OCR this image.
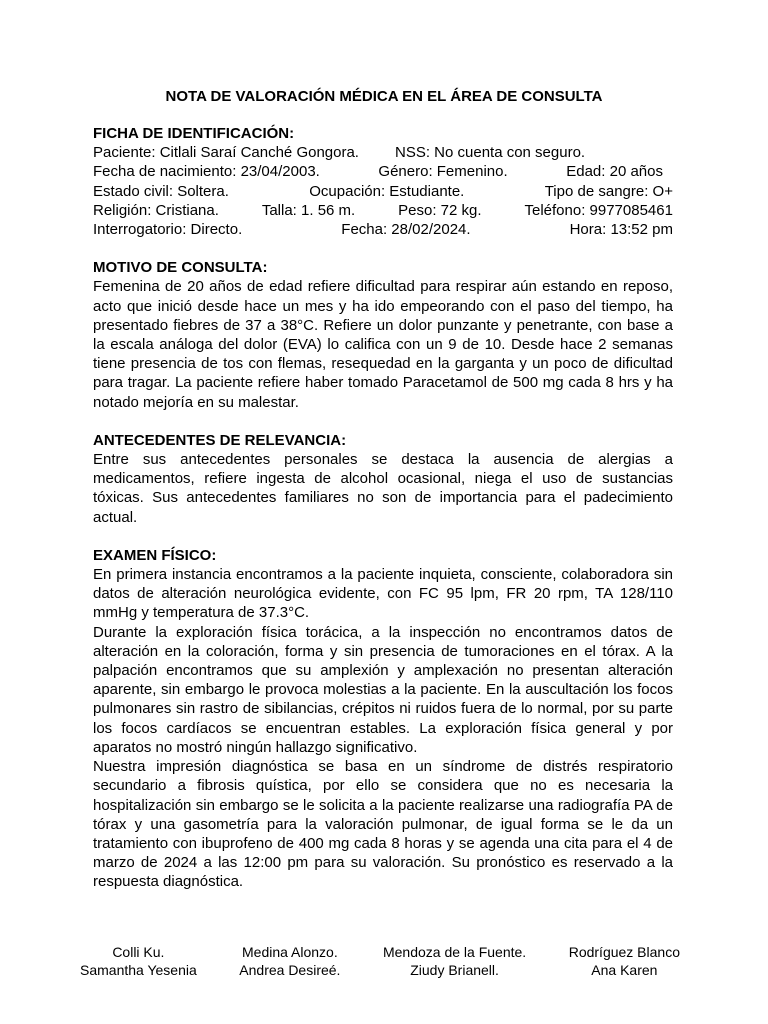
NOTA DE VALORACIÓN MÉDICA EN EL ÁREA DE CONSULTA
FICHA DE IDENTIFICACIÓN:
Paciente: Citlali Saraí Canché Gongora. NSS: No cuenta con seguro.
Fecha de nacimiento: 23/04/2003.	Género: Femenino.	Edad: 20 años
Estado civil: Soltera.	Ocupación: Estudiante.	Tipo de sangre: O+
Religión: Cristiana.	Talla: 1. 56 m.	Peso: 72 kg.	Teléfono: 9977085461
Interrogatorio: Directo.	Fecha: 28/02/2024.	Hora: 13:52 pm
MOTIVO DE CONSULTA:

Femenina de 20 años de edad refiere dificultad para respirar aún estando en reposo, acto que inició desde hace un mes y ha ido empeorando con el paso del tiempo, ha presentado fiebres de 37 a 38°C. Refiere un dolor punzante y penetrante, con base a la escala análoga del dolor (EVA) lo califica con un 9 de 10. Desde hace 2 semanas tiene presencia de tos con flemas, resequedad en la garganta y un poco de dificultad para tragar. La paciente refiere haber tomado Paracetamol de 500 mg cada 8 hrs y ha notado mejoría en su malestar.

ANTECEDENTES DE RELEVANCIA:

Entre sus antecedentes personales se destaca la ausencia de alergias a medicamentos, refiere ingesta de alcohol ocasional, niega el uso de sustancias tóxicas. Sus antecedentes familiares no son de importancia para el padecimiento actual.

EXAMEN FÍSICO:

En primera instancia encontramos a la paciente inquieta, consciente, colaboradora sin datos de alteración neurológica evidente, con FC 95 lpm, FR 20 rpm, TA 128/110 mmHg y temperatura de 37.3°C.

Durante la exploración física torácica, a la inspección no encontramos datos de alteración en la coloración, forma y sin presencia de tumoraciones en el tórax. A la palpación encontramos que su amplexión y amplexación no presentan alteración aparente, sin embargo le provoca molestias a la paciente. En la auscultación los focos pulmonares sin rastro de sibilancias, crépitos ni ruidos fuera de lo normal, por su parte los focos cardíacos se encuentran estables. La exploración física general y por aparatos no mostró ningún hallazgo significativo.

Nuestra impresión diagnóstica se basa en un síndrome de distrés respiratorio secundario a fibrosis quística, por ello se considera que no es necesaria la hospitalización sin embargo se le solicita a la paciente realizarse una radiografía PA de tórax y una gasometría para la valoración pulmonar, de igual forma se le da un tratamiento con ibuprofeno de 400 mg cada 8 horas y se agenda una cita para el 4 de marzo de 2024 a las 12:00 pm para su valoración. Su pronóstico es reservado a la respuesta diagnóstica.

Colli Ku.
Samantha Yesenia
Medina Alonzo.
Andrea Desireé.
Mendoza de la Fuente.
Ziudy Brianell.
Rodríguez Blanco
Ana Karen
